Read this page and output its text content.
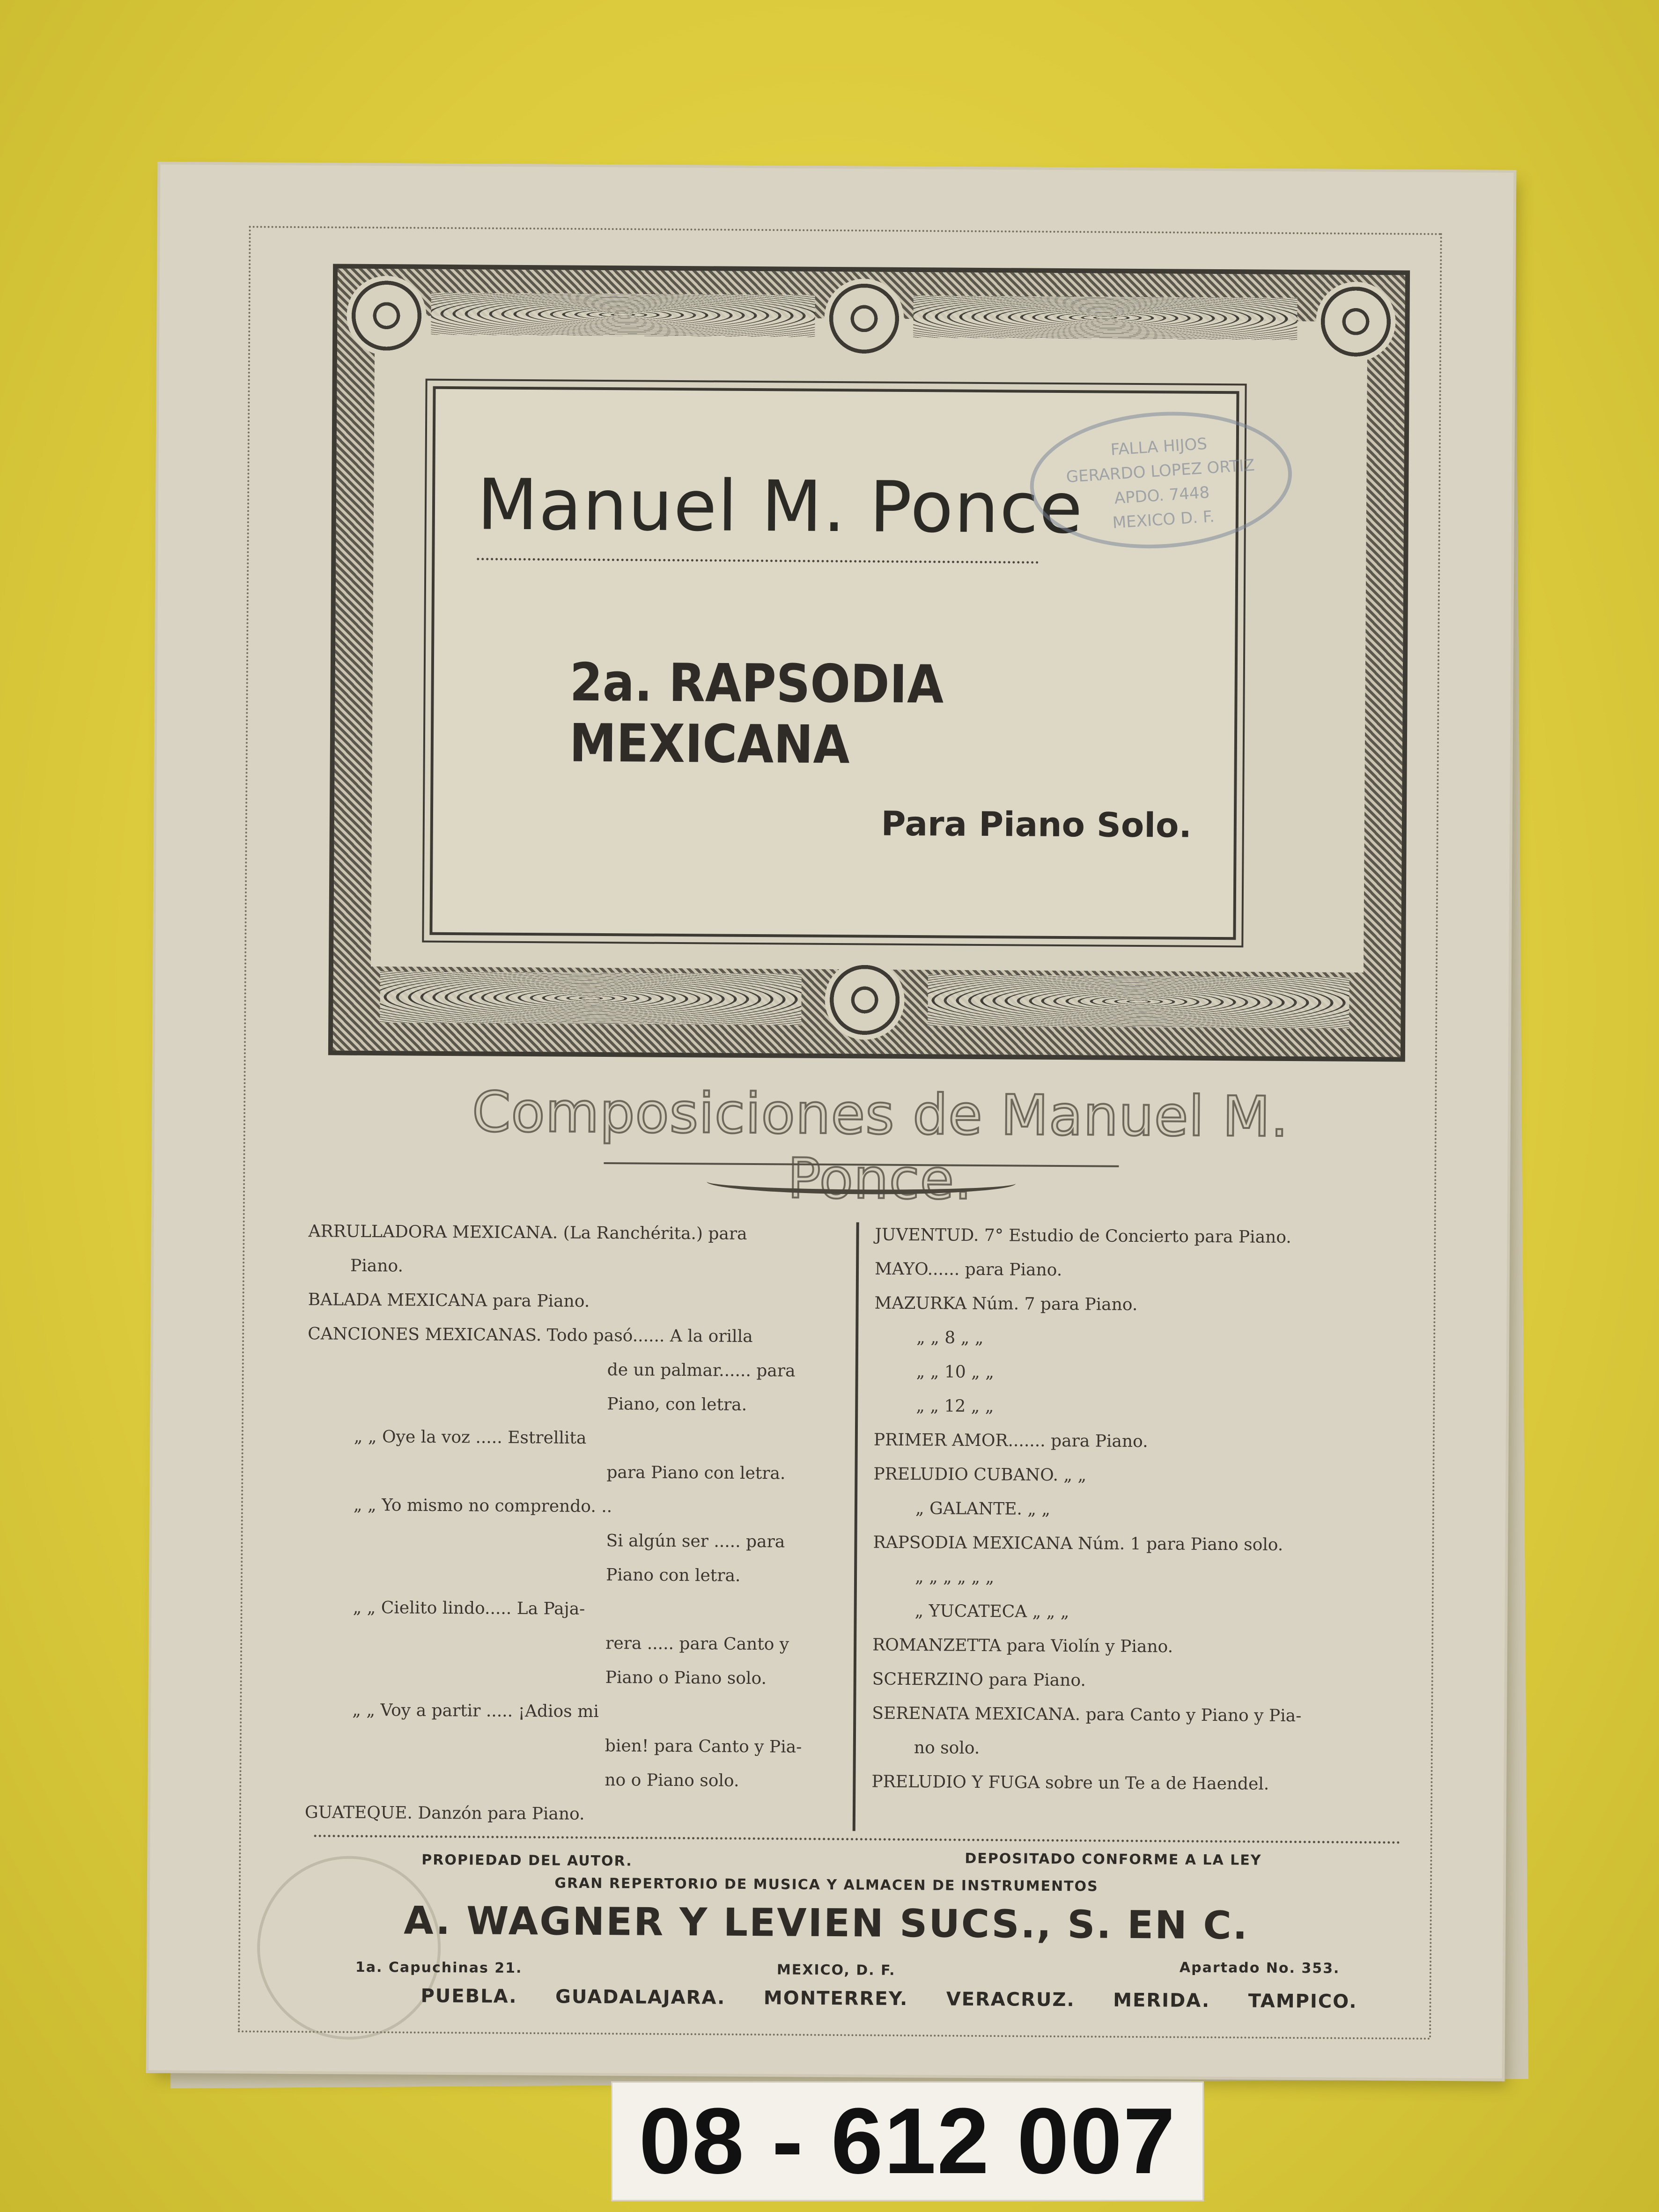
Manuel M. Ponce
2a. RAPSODIA MEXICANA
Para Piano Solo.
FALLA HIJOS
GERARDO LOPEZ ORTIZ
APDO. 7448
MEXICO D. F.
Composiciones de Manuel M. Ponce.
ARRULLADORA MEXICANA. (La Ranchérita.) para
Piano.
BALADA MEXICANA para Piano.
CANCIONES MEXICANAS. Todo pasó...... A la orilla
de un palmar...... para
Piano, con letra.
„ „ Oye la voz ..... Estrellita
para Piano con letra.
„ „ Yo mismo no comprendo. ..
Si algún ser ..... para
Piano con letra.
„ „ Cielito lindo..... La Paja-
rera ..... para Canto y
Piano o Piano solo.
„ „ Voy a partir ..... ¡Adios mi
bien! para Canto y Pia-
no o Piano solo.
GUATEQUE. Danzón para Piano.
JUVENTUD. 7° Estudio de Concierto para Piano.
MAYO...... para Piano.
MAZURKA Núm. 7 para Piano.
„ „ 8 „ „
„ „ 10 „ „
„ „ 12 „ „
PRIMER AMOR....... para Piano.
PRELUDIO CUBANO. „ „
„ GALANTE. „ „
RAPSODIA MEXICANA Núm. 1 para Piano solo.
„ „ „ „ „ „
„ YUCATECA „ „ „
ROMANZETTA para Violín y Piano.
SCHERZINO para Piano.
SERENATA MEXICANA. para Canto y Piano y Pia-
no solo.
PRELUDIO Y FUGA sobre un Te a de Haendel.
PROPIEDAD DEL AUTOR.	DEPOSITADO CONFORME A LA LEY
GRAN REPERTORIO DE MUSICA Y ALMACEN DE INSTRUMENTOS
A. WAGNER Y LEVIEN SUCS., S. EN C.
1a. Capuchinas 21.	MEXICO, D. F.	Apartado No. 353.
PUEBLA. GUADALAJARA. MONTERREY. VERACRUZ. MERIDA. TAMPICO.
08 - 612 007
